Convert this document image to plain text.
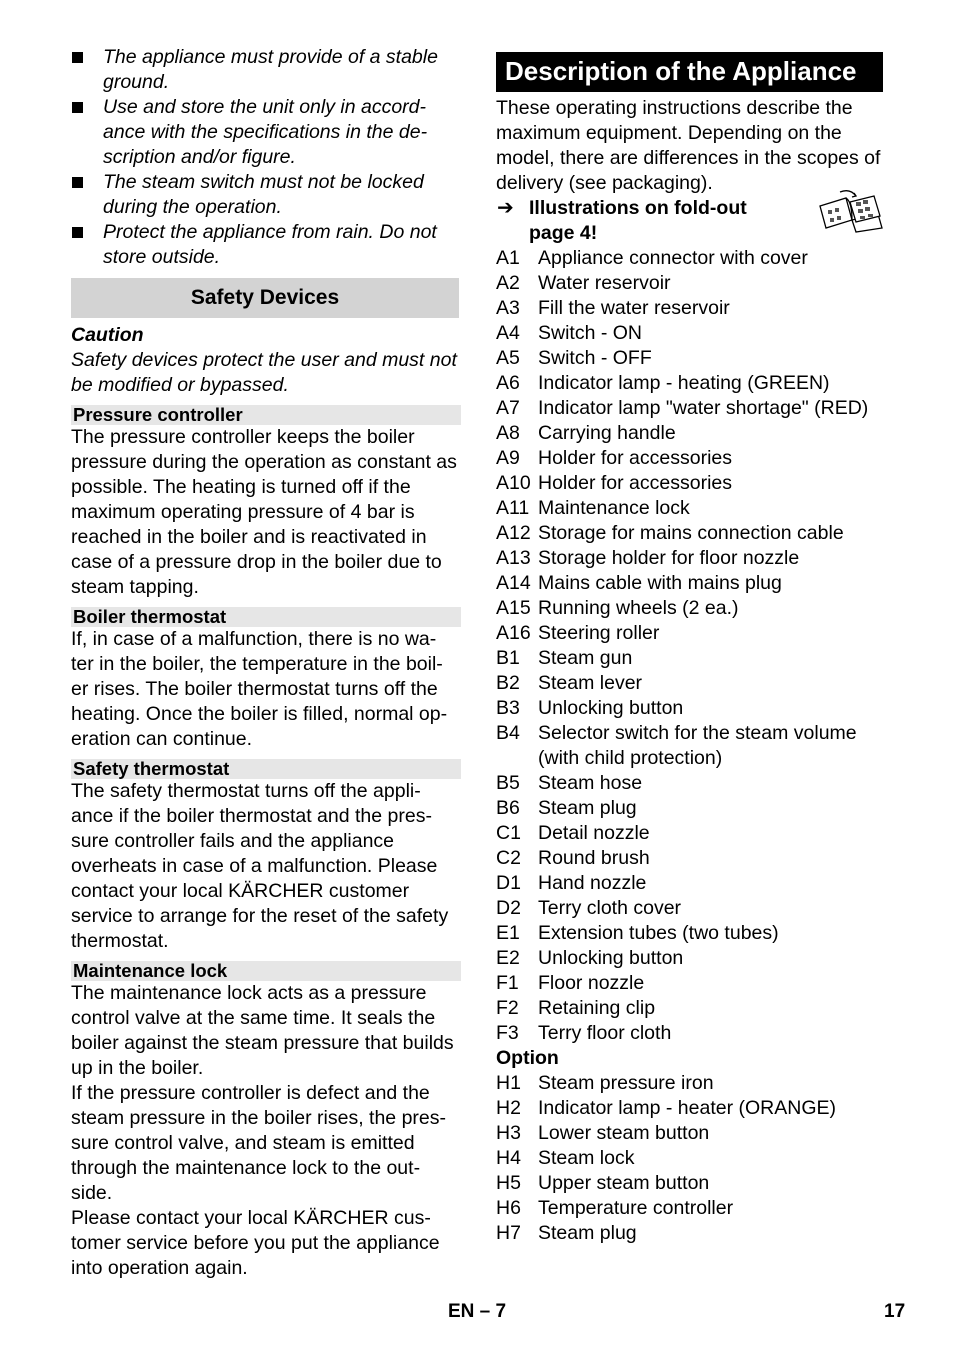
The appliance must provide of a stable ground.
Use and store the unit only in accord-ance with the specifications in the de-scription and/or figure.
The steam switch must not be locked during the operation.
Protect the appliance from rain. Do not store outside.
Safety Devices

Caution

Safety devices protect the user and must not be modified or bypassed.

Pressure controller

The pressure controller keeps the boiler pressure during the operation as constant as possible. The heating is turned off if the maximum operating pressure of 4 bar is reached in the boiler and is reactivated in case of a pressure drop in the boiler due to steam tapping.

Boiler thermostat

If, in case of a malfunction, there is no wa-ter in the boiler, the temperature in the boil-er rises. The boiler thermostat turns off the heating. Once the boiler is filled, normal op-eration can continue.

Safety thermostat

The safety thermostat turns off the appli-ance if the boiler thermostat and the pres-sure controller fails and the appliance overheats in case of a malfunction. Please contact your local KÄRCHER customer service to arrange for the reset of the safety thermostat.

Maintenance lock

The maintenance lock acts as a pressure control valve at the same time. It seals the boiler against the steam pressure that builds up in the boiler.

If the pressure controller is defect and the steam pressure in the boiler rises, the pres-sure control valve, and steam is emitted through the maintenance lock to the out-side.

Please contact your local KÄRCHER cus-tomer service before you put the appliance into operation again.

Description of the Appliance

These operating instructions describe the maximum equipment. Depending on the model, there are differences in the scopes of delivery (see packaging).

➔ Illustrations on fold-out
page 4!
A1 Appliance connector with cover
A2 Water reservoir
A3 Fill the water reservoir
A4 Switch - ON
A5 Switch - OFF
A6 Indicator lamp - heating (GREEN)
A7 Indicator lamp "water shortage" (RED)
A8 Carrying handle
A9 Holder for accessories
A10 Holder for accessories
A11 Maintenance lock
A12 Storage for mains connection cable
A13 Storage holder for floor nozzle
A14 Mains cable with mains plug
A15 Running wheels (2 ea.)
A16 Steering roller
B1 Steam gun
B2 Steam lever
B3 Unlocking button
B4 Selector switch for the steam volume (with child protection)
B5 Steam hose
B6 Steam plug
C1 Detail nozzle
C2 Round brush
D1 Hand nozzle
D2 Terry cloth cover
E1 Extension tubes (two tubes)
E2 Unlocking button
F1 Floor nozzle
F2 Retaining clip
F3 Terry floor cloth

Option

H1 Steam pressure iron
H2 Indicator lamp - heater (ORANGE)
H3 Lower steam button
H4 Steam lock
H5 Upper steam button
H6 Temperature controller
H7 Steam plug
EN – 7	17
